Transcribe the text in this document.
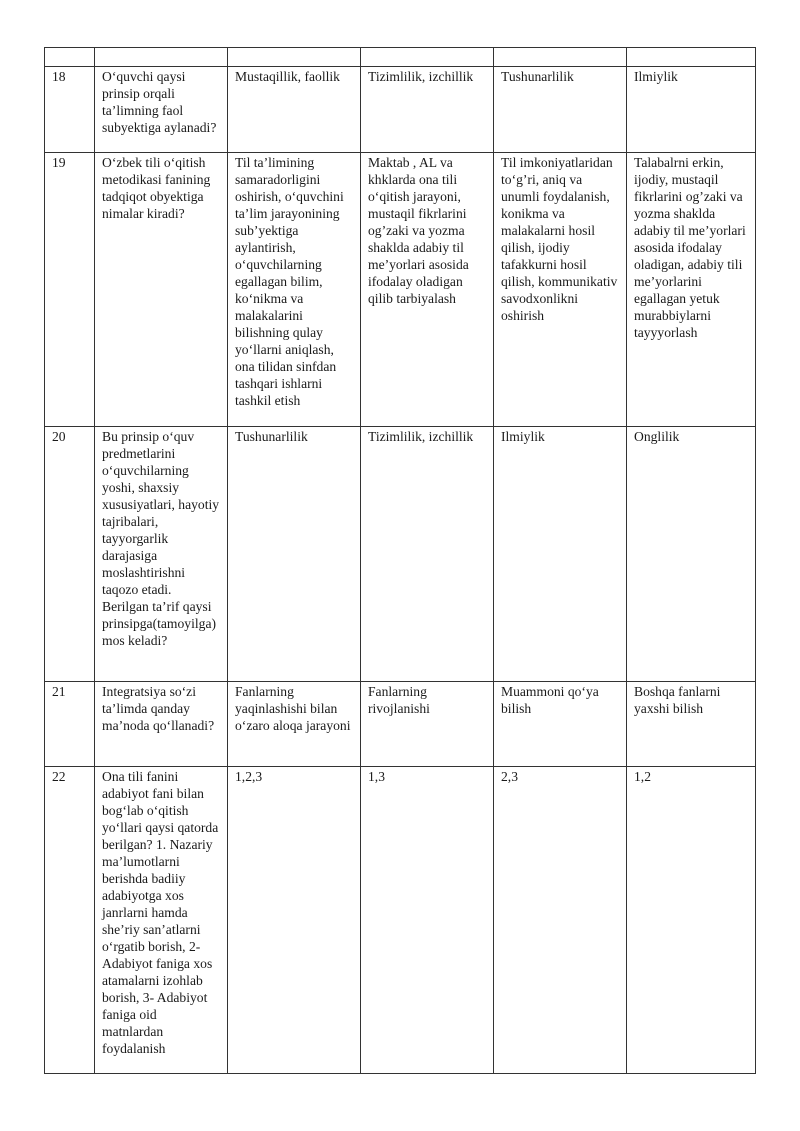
18	O‘quvchi qaysi prinsip orqali ta’limning faol subyektiga aylanadi?	Mustaqillik, faollik	Tizimlilik, izchillik	Tushunarlilik	Ilmiylik
19	O‘zbek tili o‘qitish metodikasi fanining tadqiqot obyektiga nimalar kiradi?	Til ta’limining samaradorligini oshirish, o‘quvchini ta’lim jarayonining sub’yektiga aylantirish, o‘quvchilarning egallagan bilim, ko‘nikma va malakalarini bilishning qulay yo‘llarni aniqlash, ona tilidan sinfdan tashqari ishlarni tashkil etish	Maktab , AL va khklarda ona tili o‘qitish jarayoni, mustaqil fikrlarini og’zaki va yozma shaklda adabiy til me’yorlari asosida ifodalay oladigan qilib tarbiyalash	Til imkoniyatlaridan to‘g’ri, aniq va unumli foydalanish, konikma va malakalarni hosil qilish, ijodiy tafakkurni hosil qilish, kommunikativ savodxonlikni oshirish	Talabalrni erkin, ijodiy, mustaqil fikrlarini og’zaki va yozma shaklda adabiy til me’yorlari asosida ifodalay oladigan, adabiy tili me’yorlarini egallagan yetuk murabbiylarni tayyyorlash
20	Bu prinsip o‘quv predmetlarini o‘quvchilarning yoshi, shaxsiy xususiyatlari, hayotiy tajribalari, tayyorgarlik darajasiga moslashtirishni taqozo etadi. Berilgan ta’rif qaysi prinsipga(tamoyilga) mos keladi?	Tushunarlilik	Tizimlilik, izchillik	Ilmiylik	Onglilik
21	Integratsiya so‘zi ta’limda qanday ma’noda qo‘llanadi?	Fanlarning yaqinlashishi bilan o‘zaro aloqa jarayoni	Fanlarning rivojlanishi	Muammoni qo‘ya bilish	Boshqa fanlarni yaxshi bilish
22	Ona tili fanini adabiyot fani bilan bog‘lab o‘qitish yo‘llari qaysi qatorda berilgan? 1. Nazariy ma’lumotlarni berishda badiiy adabiyotga xos janrlarni hamda she’riy san’atlarni o‘rgatib borish, 2- Adabiyot faniga xos atamalarni izohlab borish, 3- Adabiyot faniga oid matnlardan foydalanish	1,2,3	1,3	2,3	1,2
